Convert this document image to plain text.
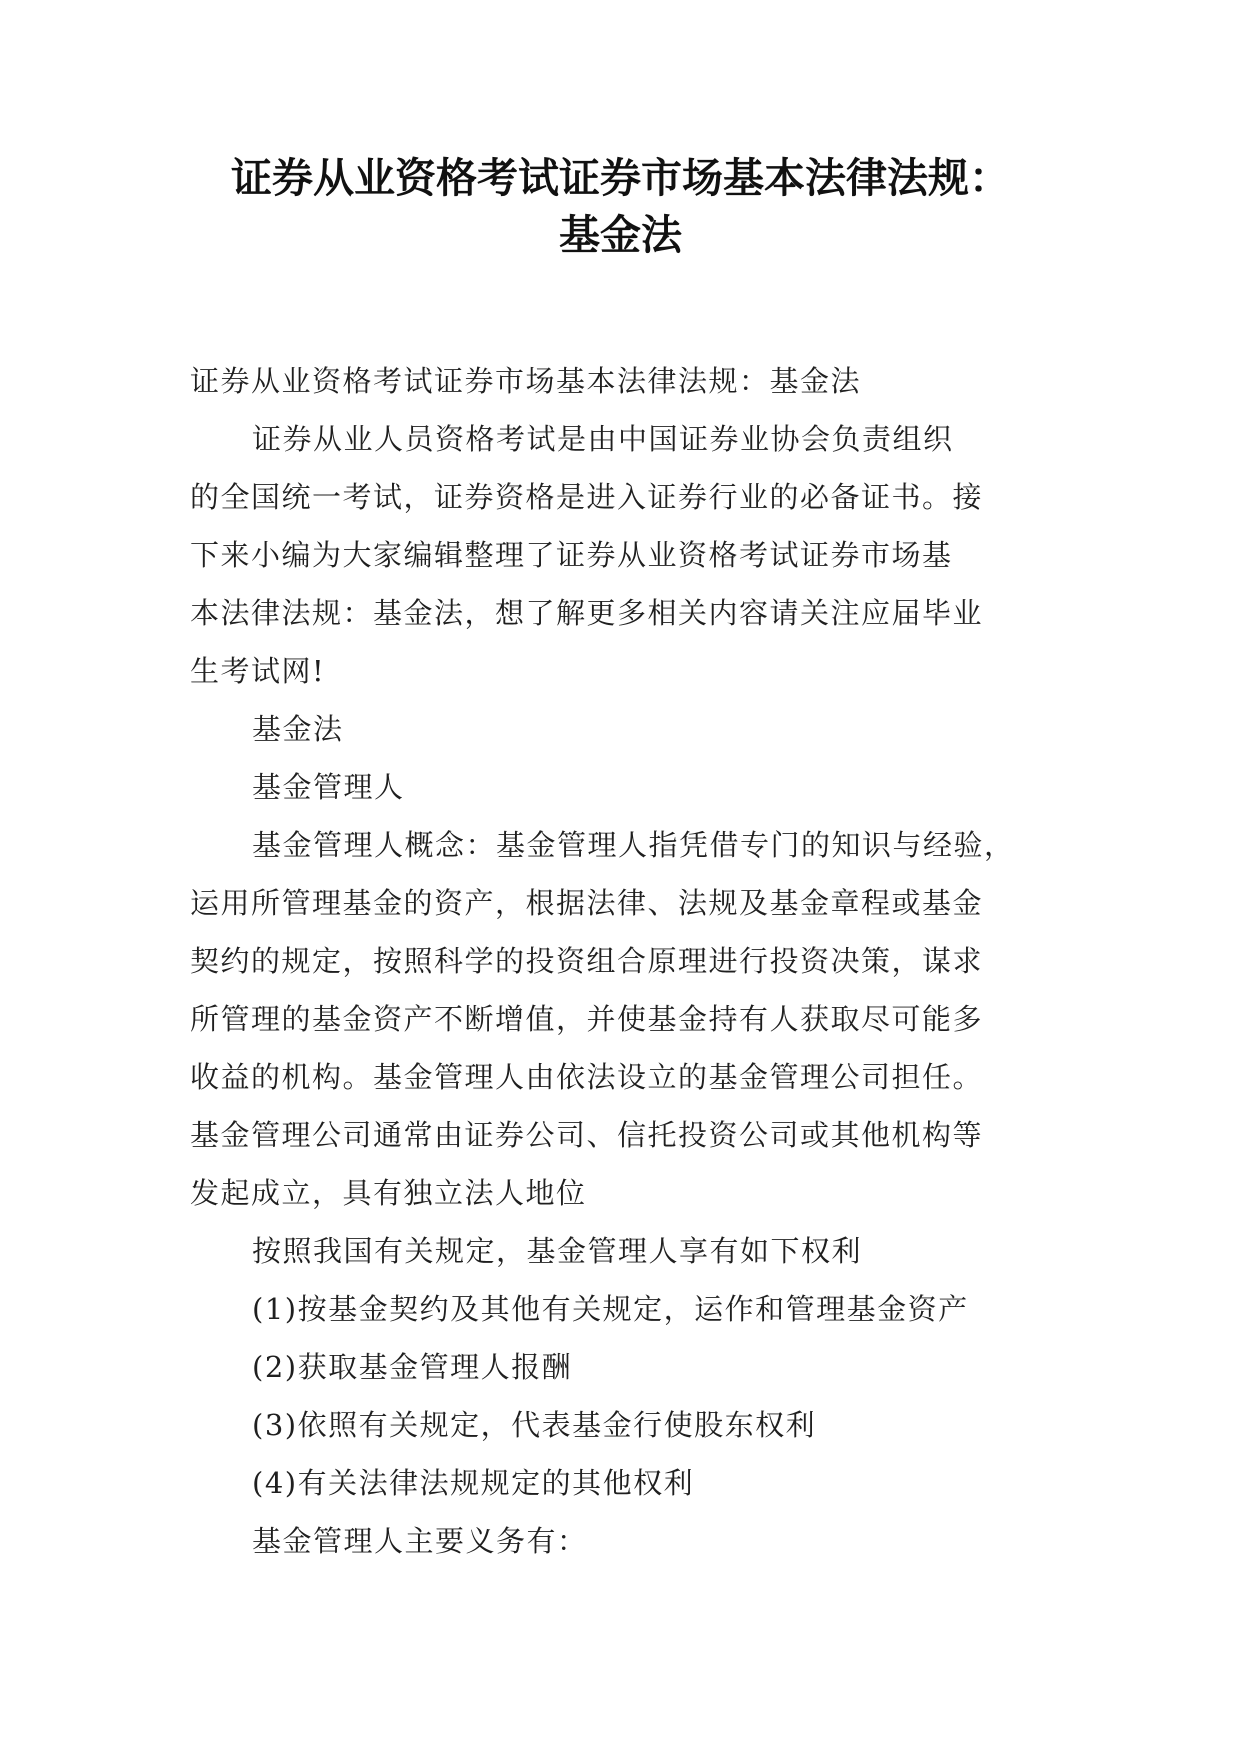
证券从业资格考试证券市场基本法律法规：
基金法
证券从业资格考试证券市场基本法律法规：基金法
证券从业人员资格考试是由中国证券业协会负责组织
的全国统一考试，证券资格是进入证券行业的必备证书。接
下来小编为大家编辑整理了证券从业资格考试证券市场基
本法律法规：基金法，想了解更多相关内容请关注应届毕业
生考试网!
基金法
基金管理人
基金管理人概念：基金管理人指凭借专门的知识与经验，
运用所管理基金的资产，根据法律、法规及基金章程或基金
契约的规定，按照科学的投资组合原理进行投资决策，谋求
所管理的基金资产不断增值，并使基金持有人获取尽可能多
收益的机构。基金管理人由依法设立的基金管理公司担任。
基金管理公司通常由证券公司、信托投资公司或其他机构等
发起成立，具有独立法人地位
按照我国有关规定，基金管理人享有如下权利
(1)按基金契约及其他有关规定，运作和管理基金资产
(2)获取基金管理人报酬
(3)依照有关规定，代表基金行使股东权利
(4)有关法律法规规定的其他权利
基金管理人主要义务有：
